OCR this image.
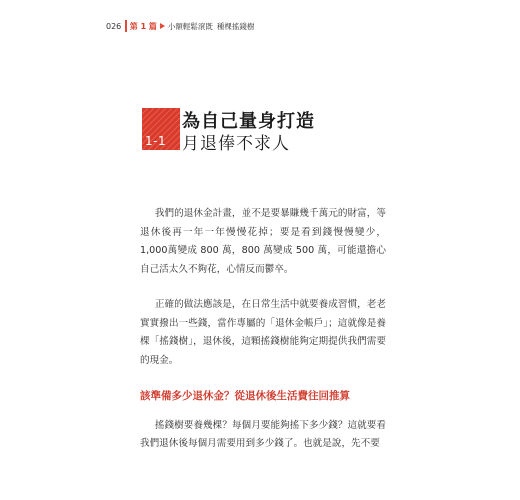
026 第 1 篇 小額輕鬆滾既 種棵搖錢樹
1-1
為自己量身打造
月退俸不求人

我們的退休金計畫，並不是要暴賺幾千萬元的財富，等退休後再一年一年慢慢花掉；要是看到錢慢慢變少，1,000萬變成 800 萬，800 萬變成 500 萬，可能還擔心自己活太久不夠花，心情反而鬱卒。

正確的做法應該是，在日常生活中就要養成習慣，老老實實撥出一些錢，當作專屬的「退休金帳戶」；這就像是養棵「搖錢樹」，退休後，這顆搖錢樹能夠定期提供我們需要的現金。

該準備多少退休金？從退休後生活費往回推算

搖錢樹要養幾棵？每個月要能夠搖下多少錢？這就要看我們退休後每個月需要用到多少錢了。也就是說，先不要
